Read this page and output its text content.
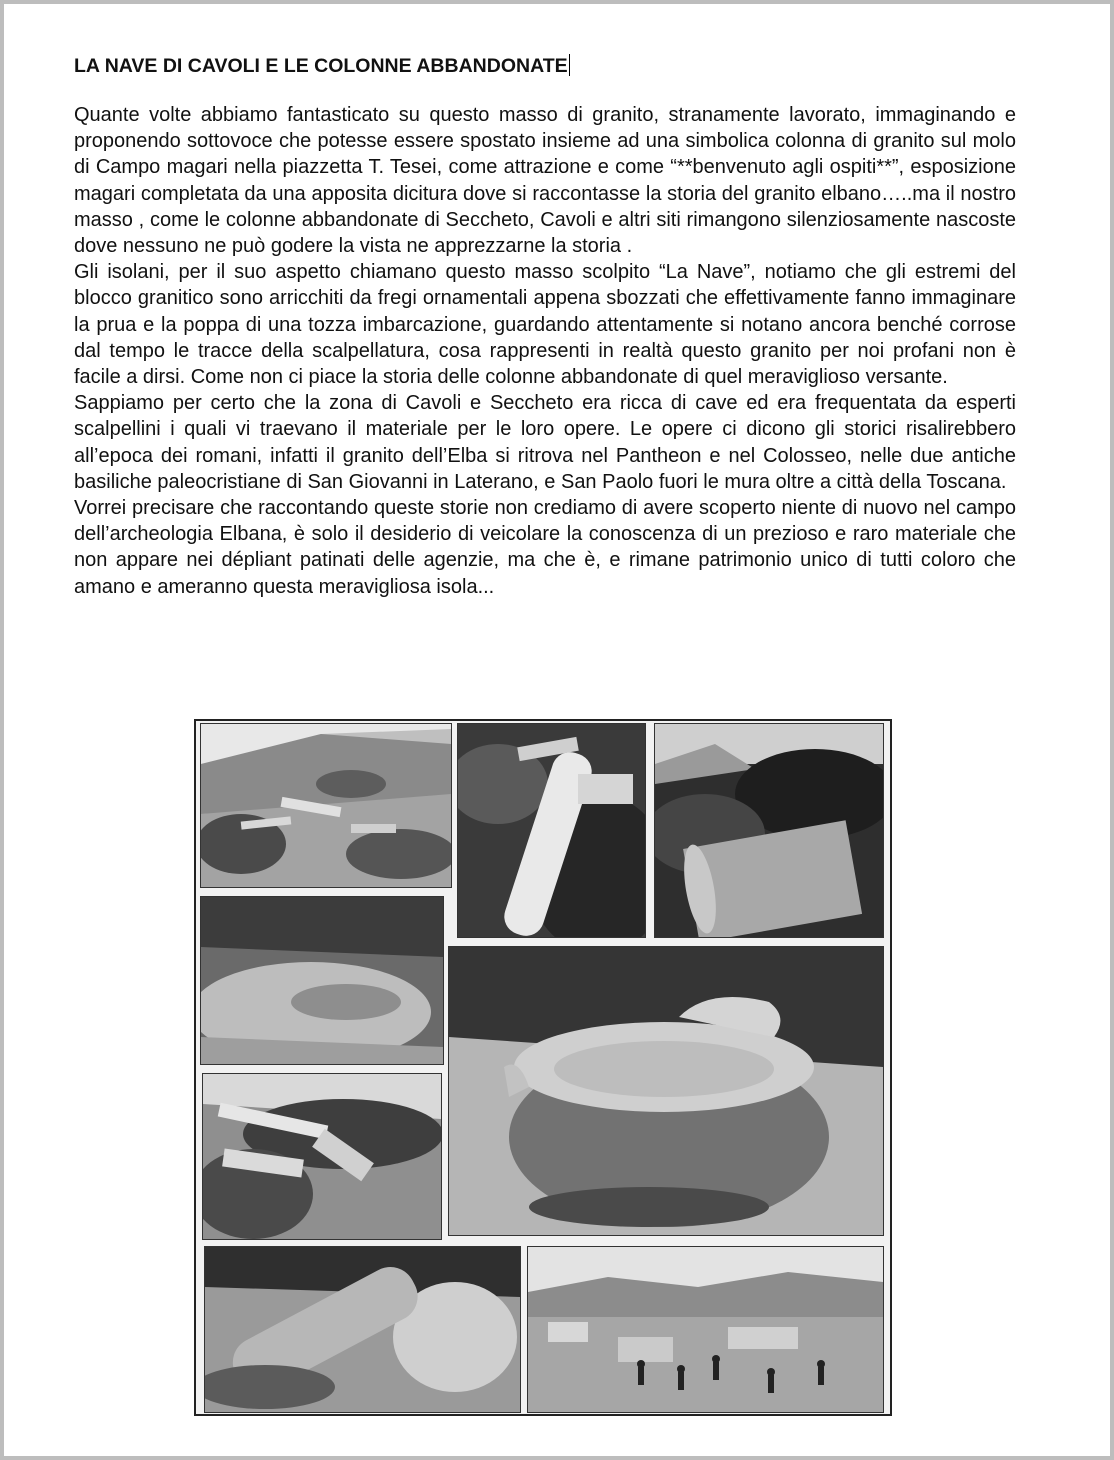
LA NAVE DI CAVOLI E LE COLONNE ABBANDONATE

Quante volte abbiamo fantasticato su questo masso di granito, stranamente lavorato, immaginando e proponendo sottovoce che potesse essere spostato insieme ad una simbolica colonna di granito sul molo di Campo magari nella piazzetta T. Tesei, come attrazione e come “**benvenuto agli ospiti**”, esposizione magari completata da una apposita dicitura dove si raccontasse la storia del granito elbano…..ma il nostro masso , come le colonne abbandonate di Seccheto, Cavoli e altri siti rimangono silenziosamente nascoste dove nessuno ne può godere la vista ne apprezzarne la storia .

Gli isolani, per il suo aspetto chiamano questo masso scolpito “La Nave”, notiamo che gli estremi del blocco granitico sono arricchiti da fregi ornamentali appena sbozzati che effettivamente fanno immaginare la prua e la poppa di una tozza imbarcazione, guardando attentamente si notano ancora benché corrose dal tempo le tracce della scalpellatura, cosa rappresenti in realtà questo granito per noi profani non è facile a dirsi. Come non ci piace la storia delle colonne abbandonate di quel meraviglioso versante.

Sappiamo per certo che la zona di Cavoli e Seccheto era ricca di cave ed era frequentata da esperti scalpellini i quali vi traevano il materiale per le loro opere. Le opere ci dicono gli storici risalirebbero all’epoca dei romani, infatti il granito dell’Elba si ritrova nel Pantheon e nel Colosseo, nelle due antiche basiliche paleocristiane di San Giovanni in Laterano, e San Paolo fuori le mura oltre a città della Toscana.

Vorrei precisare che raccontando queste storie non crediamo di avere scoperto niente di nuovo nel campo dell’archeologia Elbana, è solo il desiderio di veicolare la conoscenza di un prezioso e raro materiale che non appare nei dépliant patinati delle agenzie, ma che è, e rimane patrimonio unico di tutti coloro che amano e ameranno questa meravigliosa isola...
